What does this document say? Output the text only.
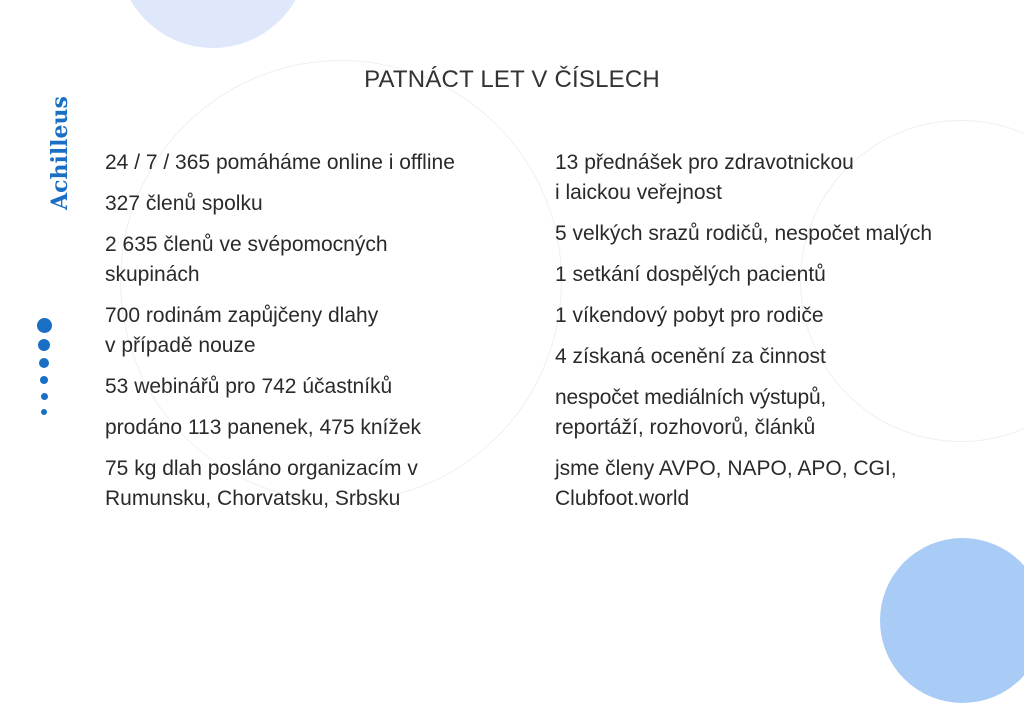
Achilleus
PATNÁCT LET V ČÍSLECH
24 / 7 / 365 pomáháme online i offline
327 členů spolku
2 635 členů ve svépomocných
skupinách
700 rodinám zapůjčeny dlahy
v případě nouze
53 webinářů pro 742 účastníků
prodáno 113 panenek, 475 knížek
75 kg dlah posláno organizacím v
Rumunsku, Chorvatsku, Srbsku
13 přednášek pro zdravotnickou
i laickou veřejnost
5 velkých srazů rodičů, nespočet malých
1 setkání dospělých pacientů
1 víkendový pobyt pro rodiče
4 získaná ocenění za činnost
nespočet mediálních výstupů,
reportáží, rozhovorů, článků
jsme členy AVPO, NAPO, APO, CGI,
Clubfoot.world
